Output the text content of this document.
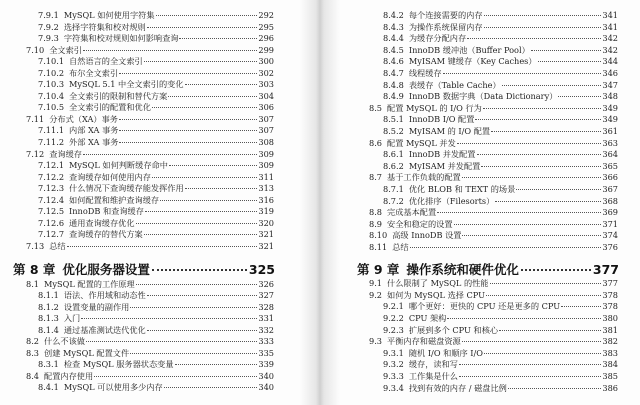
7.9.1 MySQL 如何使用字符集	292
7.9.2 选择字符集和校对规则	295
7.9.3 字符集和校对规则如何影响查询	296
7.10 全文索引	299
7.10.1 自然语言的全文索引	300
7.10.2 布尔全文索引	302
7.10.3 MySQL 5.1 中全文索引的变化	303
7.10.4 全文索引的限制和替代方案	304
7.10.5 全文索引的配置和优化	306
7.11 分布式（XA）事务	307
7.11.1 内部 XA 事务	307
7.11.2 外部 XA 事务	308
7.12 查询缓存	309
7.12.1 MySQL 如何判断缓存命中	309
7.12.2 查询缓存如何使用内存	311
7.12.3 什么情况下查询缓存能发挥作用	313
7.12.4 如何配置和维护查询缓存	316
7.12.5 InnoDB 和查询缓存	319
7.12.6 通用查询缓存优化	320
7.12.7 查询缓存的替代方案	321
7.13 总结	321
第 8 章 优化服务器设置	325
8.1 MySQL 配置的工作原理	326
8.1.1 语法、作用域和动态性	327
8.1.2 设置变量的副作用	328
8.1.3 入门	331
8.1.4 通过基准测试迭代优化	332
8.2 什么不该做	333
8.3 创建 MySQL 配置文件	335
8.3.1 检查 MySQL 服务器状态变量	339
8.4 配置内存使用	340
8.4.1 MySQL 可以使用多少内存	340
8.4.2 每个连接需要的内存	341
8.4.3 为操作系统保留内存	341
8.4.4 为缓存分配内存	342
8.4.5 InnoDB 缓冲池（Buffer Pool）	342
8.4.6 MyISAM 键缓存（Key Caches）	344
8.4.7 线程缓存	346
8.4.8 表缓存（Table Cache）	347
8.4.9 InnoDB 数据字典（Data Dictionary）	348
8.5 配置 MySQL 的 I/O 行为	349
8.5.1 InnoDB I/O 配置	349
8.5.2 MyISAM 的 I/O 配置	361
8.6 配置 MySQL 并发	363
8.6.1 InnoDB 并发配置	364
8.6.2 MyISAM 并发配置	365
8.7 基于工作负载的配置	366
8.7.1 优化 BLOB 和 TEXT 的场景	367
8.7.2 优化排序（Filesorts）	368
8.8 完成基本配置	369
8.9 安全和稳定的设置	371
8.10 高级 InnoDB 设置	374
8.11 总结	376
第 9 章 操作系统和硬件优化	377
9.1 什么限制了 MySQL 的性能	377
9.2 如何为 MySQL 选择 CPU	378
9.2.1 哪个更好：更快的 CPU 还是更多的 CPU	378
9.2.2 CPU 架构	380
9.2.3 扩展到多个 CPU 和核心	381
9.3 平衡内存和磁盘资源	382
9.3.1 随机 I/O 和顺序 I/O	383
9.3.2 缓存，读和写	384
9.3.3 工作集是什么	385
9.3.4 找到有效的内存 / 磁盘比例	386
